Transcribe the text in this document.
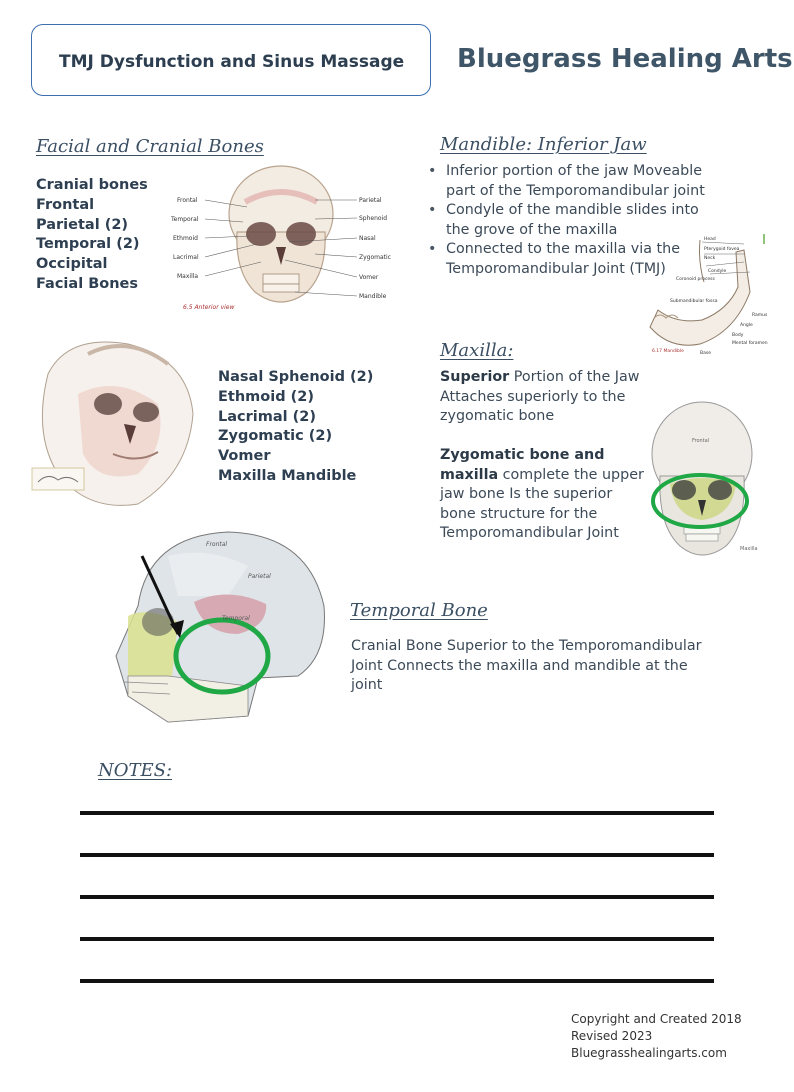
TMJ Dysfunction and Sinus Massage Bluegrass Healing Arts
Facial and Cranial Bones
Cranial bones
Frontal
Parietal (2)
Temporal (2)
Occipital
Facial Bones
Frontal
Temporal
Ethmoid
Lacrimal
Maxilla
Parietal
Sphenoid
Nasal
Zygomatic
Vomer
Mandible
6.5 Anterior view
Nasal Sphenoid (2)
Ethmoid (2)
Lacrimal (2)
Zygomatic (2)
Vomer
Maxilla Mandible
Mandible: Inferior Jaw
• Inferior portion of the jaw Moveable part of the Temporomandibular joint
• Condyle of the mandible slides into the grove of the maxilla
• Connected to the maxilla via the Temporomandibular Joint (TMJ)
Head
Pterygoid fovea
Neck
Condyle
Coronoid process
Submandibular fossa
Ramus
Angle
Body
Mental foramen
Base
6.17 Mandible
Maxilla:
Superior Portion of the Jaw Attaches superiorly to the zygomatic bone
Zygomatic bone and maxilla complete the upper jaw bone Is the superior bone structure for the Temporomandibular Joint
Frontal
Maxilla
Frontal
Parietal
Temporal	Temporal Bone
Cranial Bone Superior to the Temporomandibular Joint Connects the maxilla and mandible at the joint
NOTES:
Copyright and Created 2018
Revised 2023
Bluegrasshealingarts.com
